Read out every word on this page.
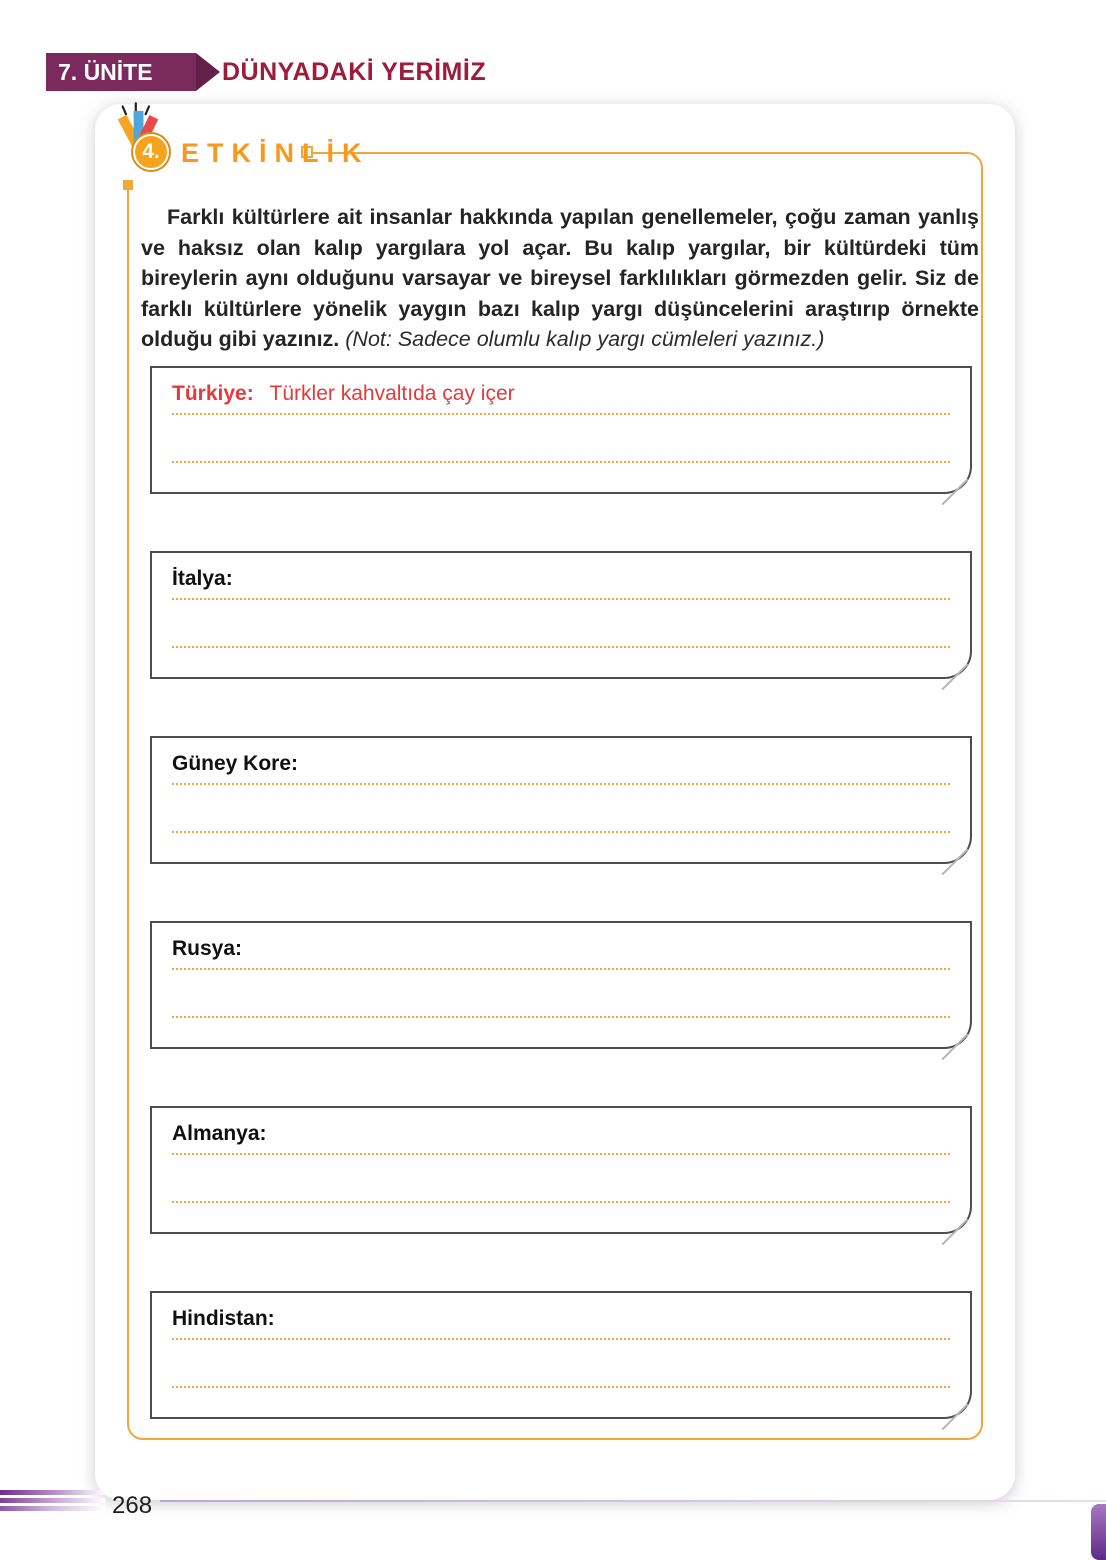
7. ÜNİTE	DÜNYADAKİ YERİMİZ
4. ETKİNLİK
Farklı kültürlere ait insanlar hakkında yapılan genellemeler, çoğu zaman yanlış ve haksız olan kalıp yargılara yol açar. Bu kalıp yargılar, bir kültürdeki tüm bireylerin aynı olduğunu varsayar ve bireysel farklılıkları görmezden gelir. Siz de farklı kültürlere yönelik yaygın bazı kalıp yargı düşüncelerini araştırıp örnekte olduğu gibi yazınız. (Not: Sadece olumlu kalıp yargı cümleleri yazınız.)
Türkiye: Türkler kahvaltıda çay içer
İtalya:
Güney Kore:
Rusya:
Almanya:
Hindistan:
268
